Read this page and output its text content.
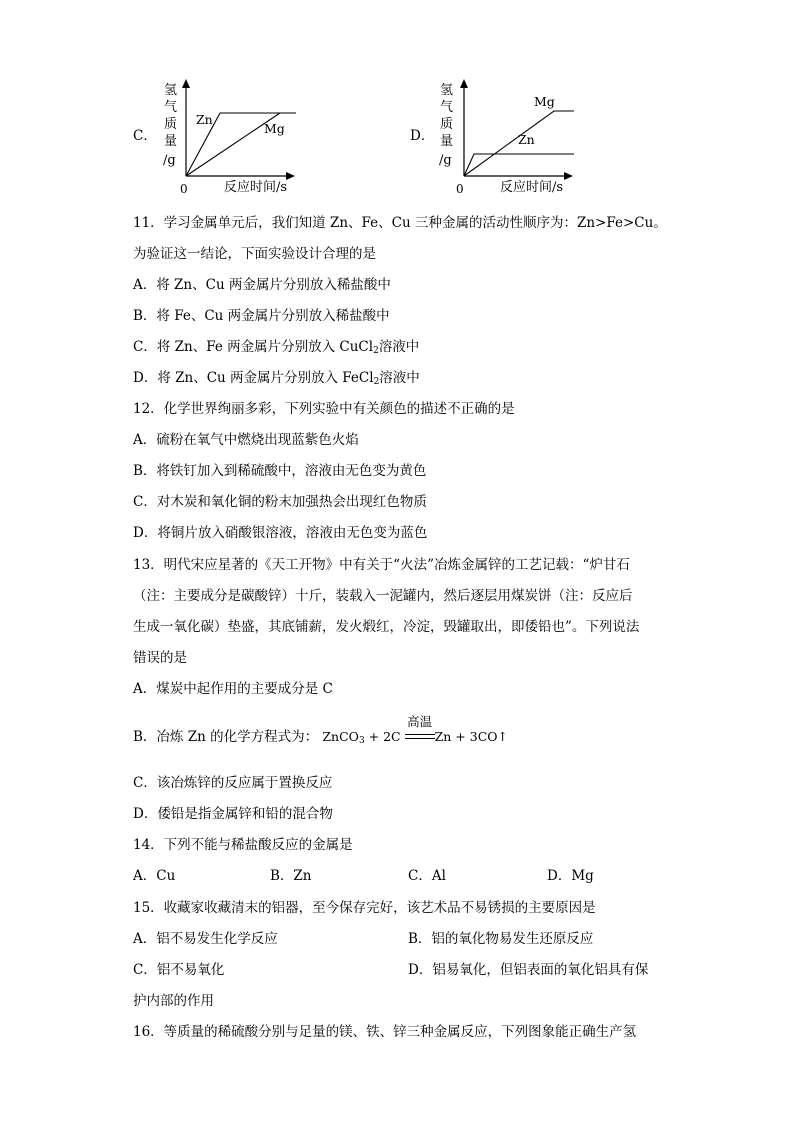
C．
氢
气
质
量
/g
Zn
Mg
0	反应时间/s
D．
氢
气
质
量
/g
Mg
Zn
0	反应时间/s
11．学习金属单元后，我们知道 Zn、Fe、Cu 三种金属的活动性顺序为：Zn>Fe>Cu。
为验证这一结论，下面实验设计合理的是
A．将 Zn、Cu 两金属片分别放入稀盐酸中
B．将 Fe、Cu 两金属片分别放入稀盐酸中
C．将 Zn、Fe 两金属片分别放入 CuCl$_2$溶液中
D．将 Zn、Cu 两金属片分别放入 FeCl$_2$溶液中
12．化学世界绚丽多彩，下列实验中有关颜色的描述不正确的是
A．硫粉在氧气中燃烧出现蓝紫色火焰
B．将铁钉加入到稀硫酸中，溶液由无色变为黄色
C．对木炭和氧化铜的粉末加强热会出现红色物质
D．将铜片放入硝酸银溶液，溶液由无色变为蓝色
13．明代宋应星著的《天工开物》中有关于“火法”冶炼金属锌的工艺记载：“炉甘石
（注：主要成分是碳酸锌）十斤，装载入一泥罐内，然后逐层用煤炭饼（注：反应后
生成一氧化碳）垫盛，其底铺薪，发火煅红，冷淀，毁罐取出，即倭铅也”。下列说法
错误的是
A．煤炭中起作用的主要成分是 C
B．冶炼 Zn 的化学方程式为： ZnCO$_3$ + 2C
高温
Zn + 3CO↑
C．该冶炼锌的反应属于置换反应
D．倭铅是指金属锌和铅的混合物
14．下列不能与稀盐酸反应的金属是
A．Cu	B．Zn	C．Al	D．Mg
15．收藏家收藏清末的铝器，至今保存完好，该艺术品不易锈损的主要原因是
A．铝不易发生化学反应	B．铝的氧化物易发生还原反应
C．铝不易氧化	D．铝易氧化，但铝表面的氧化铝具有保
护内部的作用
16．等质量的稀硫酸分别与足量的镁、铁、锌三种金属反应，下列图象能正确生产氢
